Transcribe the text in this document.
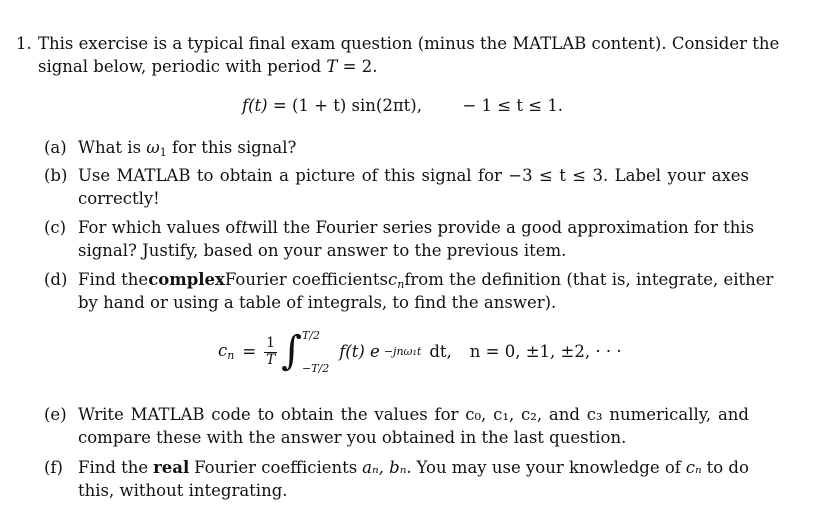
1. This exercise is a typical final exam question (minus the MATLAB content). Consider the
signal below, periodic with period T = 2.
f(t) = (1 + t) sin(2πt), − 1 ≤ t ≤ 1.
(a) What is $\omega_1$ for this signal?
(b) Use MATLAB to obtain a picture of this signal for −3 ≤ t ≤ 3. Label your axes
correctly!
(c) For which values of t will the Fourier series provide a good approximation for this
signal? Justify, based on your answer to the previous item.
(d) Find the complex Fourier coefficients $c_n$ from the definition (that is, integrate, either
by hand or using a table of integrals, to find the answer).
$c_n = \frac{1}{T}$ ∫ T/2
−T/2
f(t) e −jnω₁t dt, n = 0, ±1, ±2, · · ·
(e) Write MATLAB code to obtain the values for c₀, c₁, c₂, and c₃ numerically, and
compare these with the answer you obtained in the last question.
(f) Find the real Fourier coefficients aₙ, bₙ. You may use your knowledge of cₙ to do
this, without integrating.
